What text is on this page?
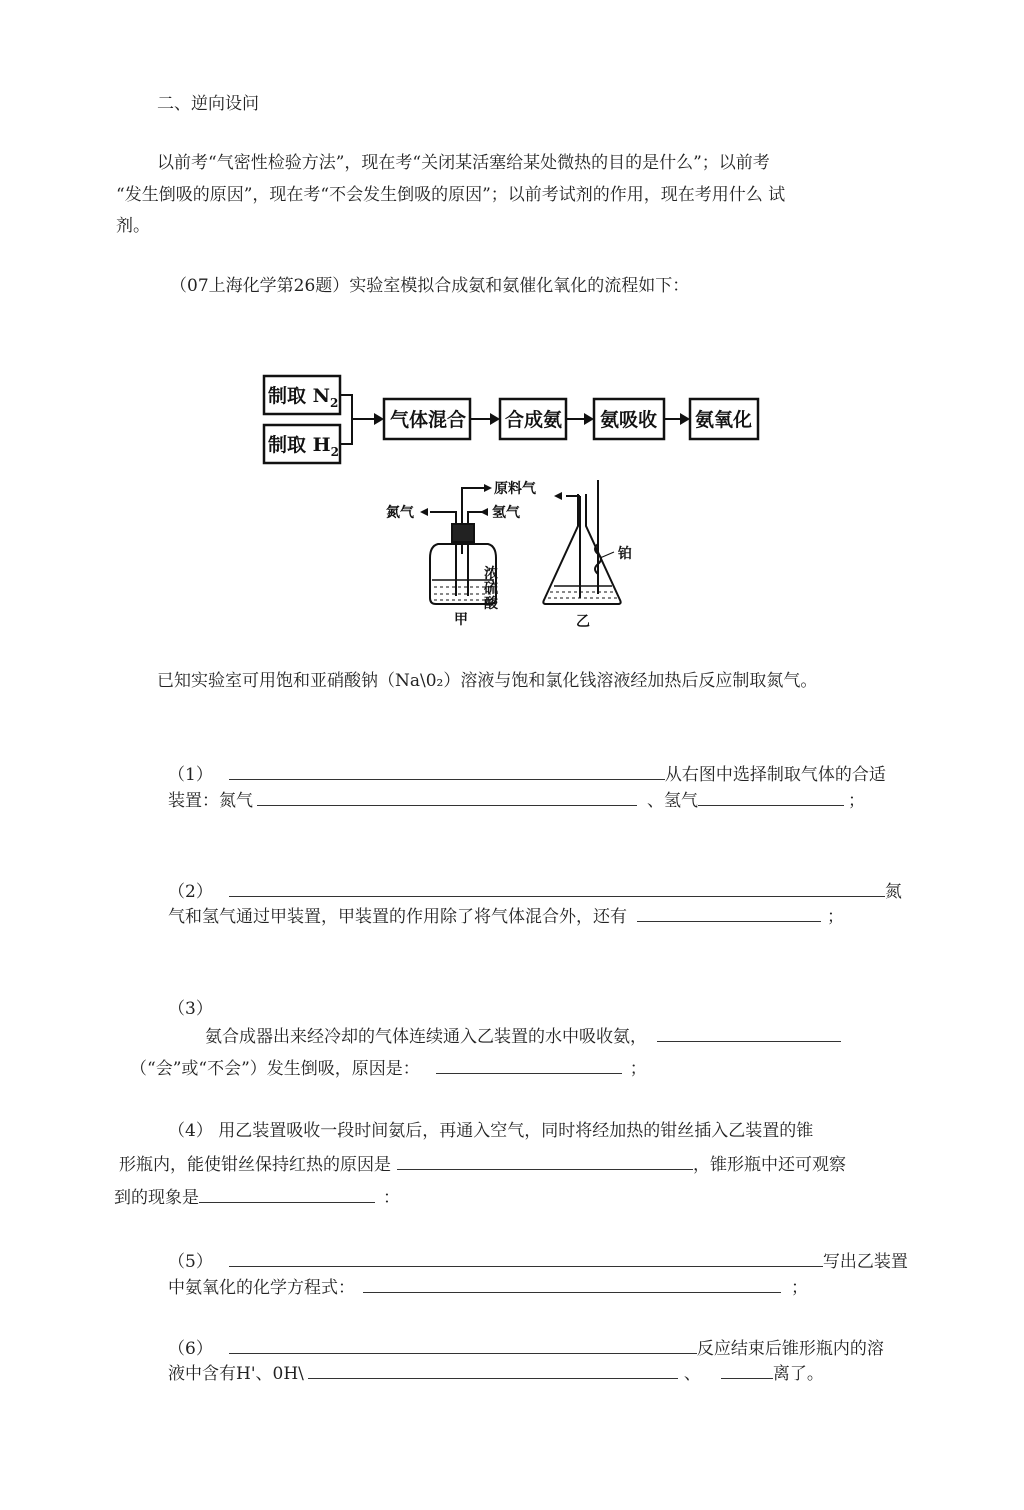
二、逆向设问
以前考“气密性检验方法”，现在考“关闭某活塞给某处微热的目的是什么”；以前考
“发生倒吸的原因”，现在考“不会发生倒吸的原因”；以前考试剂的作用，现在考用什么 试
剂。
（07上海化学第26题）实验室模拟合成氨和氨催化氧化的流程如下：
制取 $N_2$
制取 $H_2$
气体混合 合成氨 氨吸收 氨氧化
氮气
原料气
氢气
浓
硫
酸
甲
铂
乙
已知实验室可用饱和亚硝酸钠（Na\0₂）溶液与饱和氯化钱溶液经加热后反应制取氮气。
（1）	从右图中选择制取气体的合适
装置：氮气	、氢气	；
（2）	氮
气和氢气通过甲装置，甲装置的作用除了将气体混合外，还有	；
（3）
氨合成器出来经冷却的气体连续通入乙装置的水中吸收氨，
（“会”或“不会”）发生倒吸，原因是：	；
（4） 用乙装置吸收一段时间氨后，再通入空气，同时将经加热的钳丝插入乙装置的锥
形瓶内，能使钳丝保持红热的原因是	，锥形瓶中还可观察
到的现象是	：
（5）	写出乙装置
中氨氧化的化学方程式：	；
（6）	反应结束后锥形瓶内的溶
液中含有H'、0H\	、	离了。
